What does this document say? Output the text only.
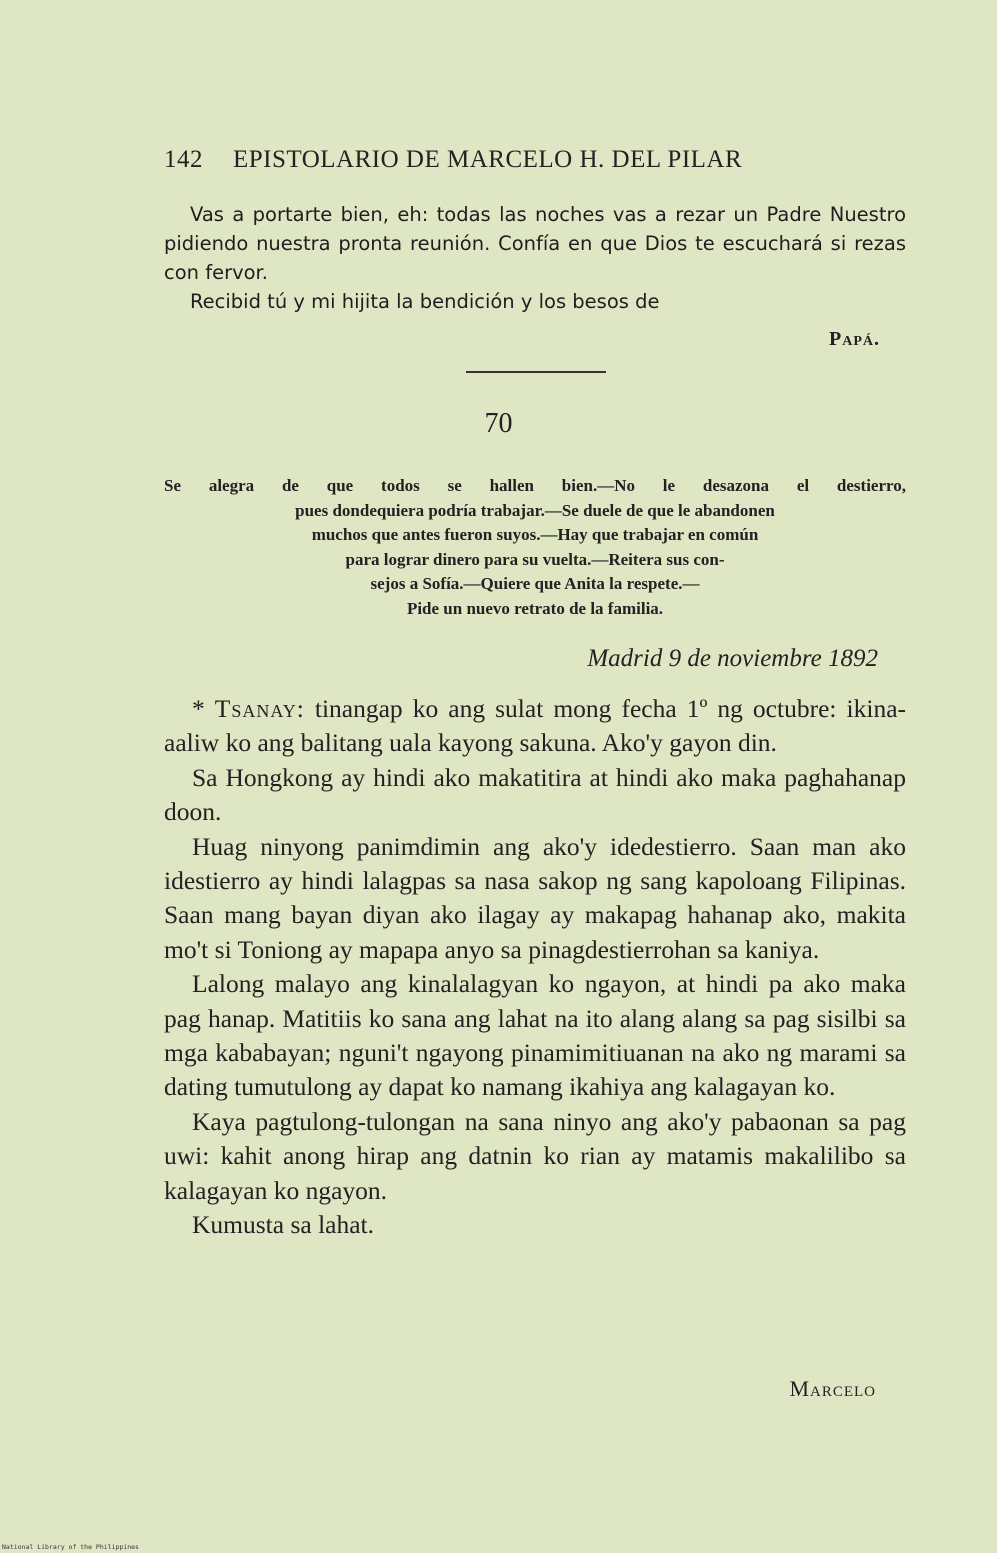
142 EPISTOLARIO DE MARCELO H. DEL PILAR

Vas a portarte bien, eh: todas las noches vas a rezar un Padre Nuestro pidiendo nuestra pronta reunión. Confía en que Dios te escuchará si rezas con fervor.

Recibid tú y mi hijita la bendición y los besos de

Papá.
70
Se alegra de que todos se hallen bien.—No le desazona el destierro,
pues dondequiera podría trabajar.—Se duele de que le abandonen
muchos que antes fueron suyos.—Hay que trabajar en común
para lograr dinero para su vuelta.—Reitera sus con-
sejos a Sofía.—Quiere que Anita la respete.—
Pide un nuevo retrato de la familia.
Madrid 9 de noviembre 1892

* Tsanay: tinangap ko ang sulat mong fecha 1º ng octubre: ikina-aaliw ko ang balitang uala kayong sakuna. Ako'y gayon din.

Sa Hongkong ay hindi ako makatitira at hindi ako maka paghahanap doon.

Huag ninyong panimdimin ang ako'y idedestierro. Saan man ako idestierro ay hindi lalagpas sa nasa sakop ng sang kapoloang Filipinas. Saan mang bayan diyan ako ilagay ay makapag hahanap ako, makita mo't si Toniong ay mapapa anyo sa pinagdestierrohan sa kaniya.

Lalong malayo ang kinalalagyan ko ngayon, at hindi pa ako maka pag hanap. Matitiis ko sana ang lahat na ito alang alang sa pag sisilbi sa mga kababayan; nguni't ngayong pinamimitiuanan na ako ng marami sa dating tumutulong ay dapat ko namang ikahiya ang kalagayan ko.

Kaya pagtulong-tulongan na sana ninyo ang ako'y pabaonan sa pag uwi: kahit anong hirap ang datnin ko rian ay matamis makalilibo sa kalagayan ko ngayon.

Kumusta sa lahat.

Marcelo
National Library of the Philippines
